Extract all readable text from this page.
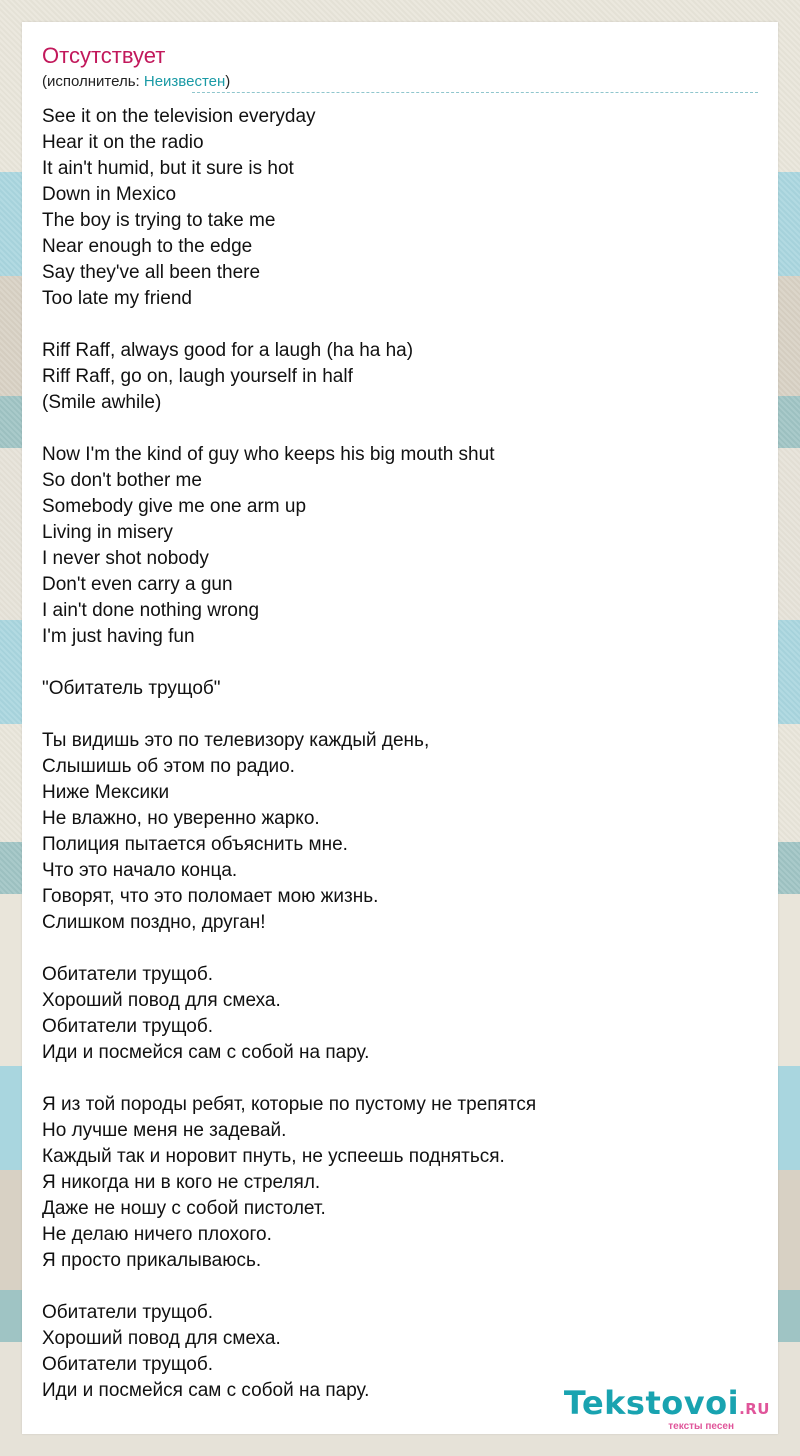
Отсутствует
(исполнитель: Неизвестен)
See it on the television everyday
Hear it on the radio
It ain't humid, but it sure is hot
Down in Mexico
The boy is trying to take me
Near enough to the edge
Say they've all been there
Too late my friend
Riff Raff, always good for a laugh (ha ha ha)
Riff Raff, go on, laugh yourself in half
(Smile awhile)
Now I'm the kind of guy who keeps his big mouth shut
So don't bother me
Somebody give me one arm up
Living in misery
I never shot nobody
Don't even carry a gun
I ain't done nothing wrong
I'm just having fun
"Обитатель трущоб"
Ты видишь это по телевизору каждый день,
Слышишь об этом по радио.
Ниже Мексики
Не влажно, но уверенно жарко.
Полиция пытается объяснить мне.
Что это начало конца.
Говорят, что это поломает мою жизнь.
Слишком поздно, друган!
Обитатели трущоб.
Хороший повод для смеха.
Обитатели трущоб.
Иди и посмейся сам с собой на пару.
Я из той породы ребят, которые по пустому не трепятся
Но лучше меня не задевай.
Каждый так и норовит пнуть, не успеешь подняться.
Я никогда ни в кого не стрелял.
Даже не ношу с собой пистолет.
Не делаю ничего плохого.
Я просто прикалываюсь.
Обитатели трущоб.
Хороший повод для смеха.
Обитатели трущоб.
Иди и посмейся сам с собой на пару.	Tekstovoi.RU
тексты песен
